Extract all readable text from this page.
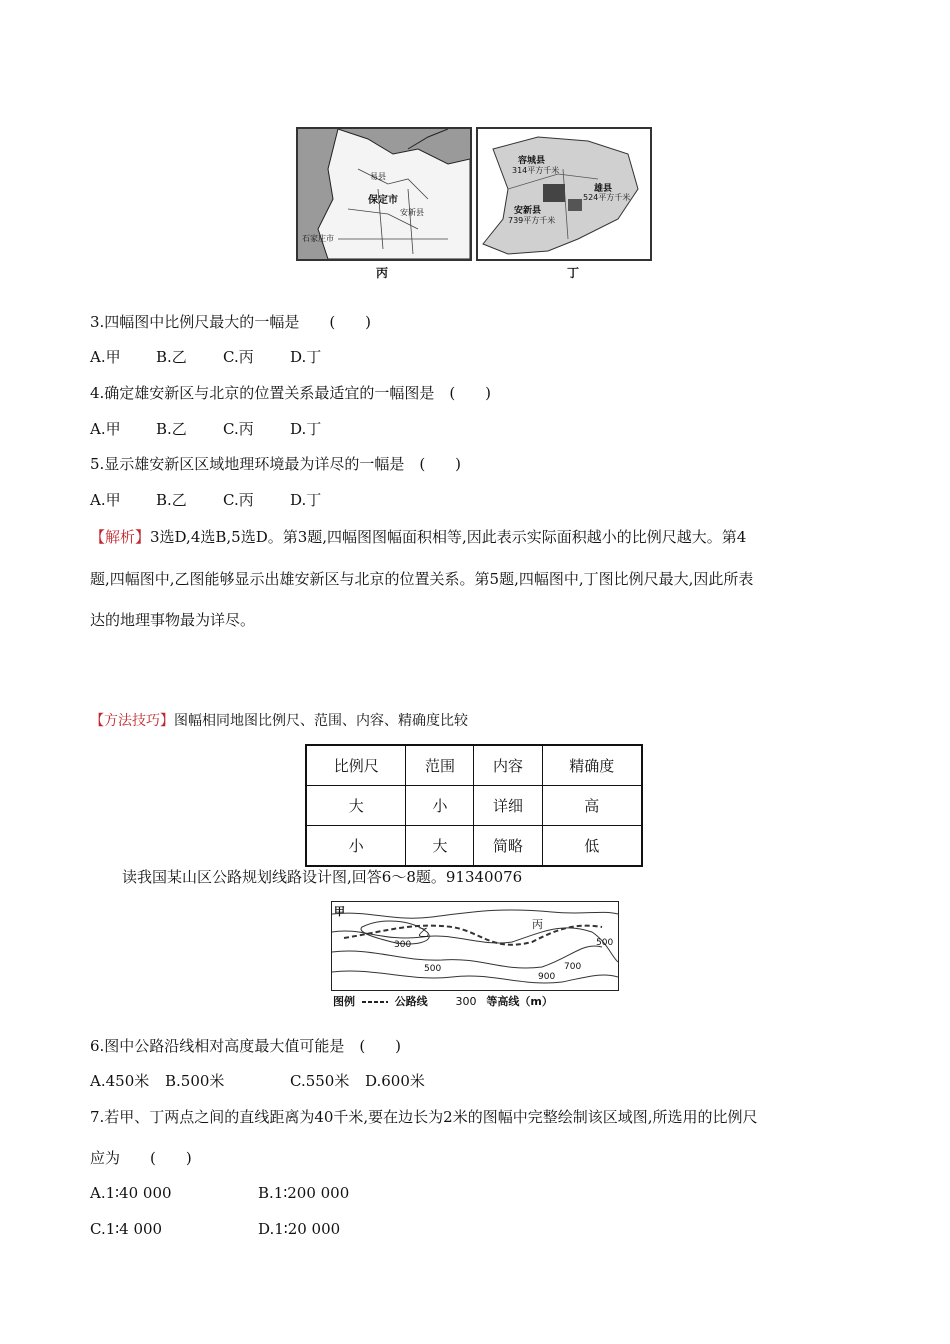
保定市
易县
安新县
石家庄市
丙
容城县
314平方千米
雄县
524平方千米
安新县
739平方千米
丁
3.四幅图中比例尺最大的一幅是　　(　　)
A.甲 B.乙 C.丙 D.丁
4.确定雄安新区与北京的位置关系最适宜的一幅图是　(　　)
A.甲 B.乙 C.丙 D.丁
5.显示雄安新区区域地理环境最为详尽的一幅是　(　　)
A.甲 B.乙 C.丙 D.丁
【解析】3选D,4选B,5选D。第3题,四幅图图幅面积相等,因此表示实际面积越小的比例尺越大。第4
题,四幅图中,乙图能够显示出雄安新区与北京的位置关系。第5题,四幅图中,丁图比例尺最大,因此所表
达的地理事物最为详尽。
【方法技巧】图幅相同地图比例尺、范围、内容、精确度比较
比例尺	范围	内容	精确度
大	小	详细	高
小	大	简略	低
读我国某山区公路规划线路设计图,回答6～8题。91340076
甲
乙
丙
300
500
500
700
900
图例	公路线	300 等高线（m）
6.图中公路沿线相对高度最大值可能是　(　　)
A.450米 B.500米	C.550米 D.600米
7.若甲、丁两点之间的直线距离为40千米,要在边长为2米的图幅中完整绘制该区域图,所选用的比例尺
应为　　(　　)
A.1∶40 000	B.1∶200 000
C.1∶4 000	D.1∶20 000
